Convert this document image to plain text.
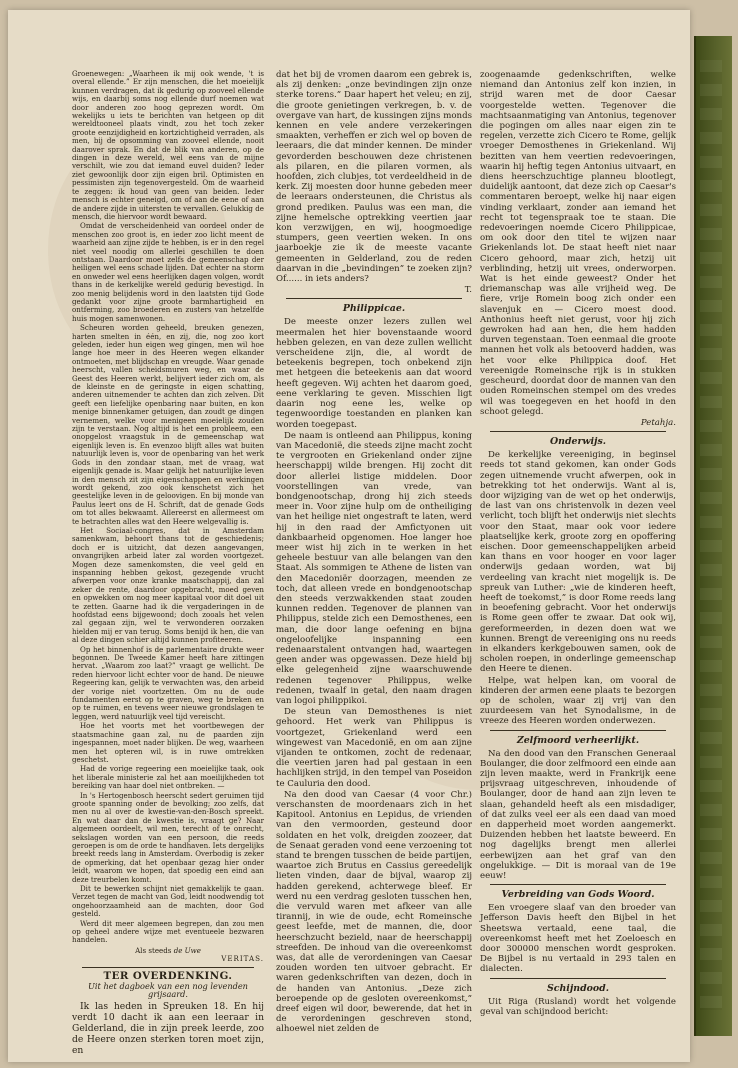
Groenewegen: „Waarheen ik mij ook wende, 't is overal ellende.” Er zijn menschen, die het moeielijk kunnen verdragen, dat ik gedurig op zooveel ellende wijs, en daarbij soms nog ellende durf noemen wat door anderen zoo hoog geprezen wordt. Om wekelijks u iets te berichten van hetgeen op dit wereldtooneel plaats vindt, zou het toch zeker groote eenzijdigheid en kortzichtigheid verraden, als men, bij de opsomming van zooveel ellende, nooit daarover sprak. En dat de blik van anderen, op de dingen in deze wereld, wel eens van de mijne verschilt, wie zou dat iemand euvel duiden? Ieder ziet gewoonlijk door zijn eigen bril. Optimisten en pessimisten zijn tegenovergesteld. Om de waarheid te zeggen: ik houd van geen van beiden. Ieder mensch is echter geneigd, om of aan de eene of aan de andere zijde in uitersten te vervallen. Gelukkig de mensch, die hiervoor wordt bewaard.

Omdat de verscheidenheid van oordeel onder de menschen zoo groot is, en ieder zoo licht meent de waarheid aan zijne zijde te hebben, is er in den regel niet veel noodig om allerlei geschillen te doen ontstaan. Daardoor moet zelfs de gemeenschap der heiligen wel eens schade lijden. Dat echter na storm en onweder wel eens heerlijken dagen volgen, wordt thans in de kerkelijke wereld gedurig bevestigd. In zoo menig belijdenis word in den laatsten tijd Gode gedankt voor zijne groote barmhartigheid en ontferming, zoo broederen en zusters van hetzelfde huis mogen samenwonen.

Scheuren worden geheeld, breuken genezen, harten smelten in één, en zij, die, nog zoo kort geleden, ieder hun eigen weg gingen, men wil hoe lange hoe meer in des Heeren wegen elkander ontmoeten, met blijdschap en vreugde. Waar genade heerscht, vallen scheidsmuren weg, en waar de Geest des Heeren werkt, belijvert ieder zich om, als de kleinste en de geringste in eigen schatting, anderen uitnemender te achten dan zich zelven. Dit geeft een liefelijke openbaring naar buiten, en kon menige binnenkamer getuigen, dan zoudt ge dingen vernemen, welke voor menigeen moeielijk zouden zijn te verstaan. Nog altijd is het een probleem, een onopgelost vraagstuk in de gemeenschap wat eigenlijk leven is. En evenzoo blijft alles wat buiten natuurlijk leven is, voor de openbaring van het werk Gods in den zondaar staan, met de vraag, wat eigenlijk genade is. Maar gelijk het natuurlijke leven in den mensch zit zijn eigenschappen en werkingen wordt gekend, zoo ook kenschetst zich het geestelijke leven in de geloovigen. En bij monde van Paulus leert ons de H. Schrift, dat de genade Gods om tot alles bekwaamt. Allereerst en allermeest om te betrachten alles wat den Heere welgevallig is.

Het Sociaal-congres, dat in Amsterdam samenkwam, behoort thans tot de geschiedenis; doch er is uitzicht, dat dezen aangevangen, onvangrijken arbeid later zal worden voortgezet. Mogen deze samenkomsten, die veel geld en inspanning hebben gekost, gezegende vrucht afwerpen voor onze kranke maatschappij, dan zal zeker de rente, daardoor opgebracht, moed geven en opwekken om nog meer kapitaal voor dit doel uit te zetten. Gaarne had ik die vergaderingen in de hoofdstad eens bijgewoond; doch zooals het velen zal gegaan zijn, wel te verwonderen oorzaken hielden mij er van terug. Soms benijd ik hen, die van al deze dingen schier altijd kunnen profiteeren.

Op het binnenhof is de parlementaire drukte weer begonnen. De Tweede Kamer heeft hare zittingen hervat. „Waarom zoo laat?” vraagt ge wellicht. De reden hiervoor licht echter voor de hand. De nieuwe Regeering kan, gelijk te verwachten was, den arbeid der vorige niet voortzetten. Om nu de oude fundamenten eerst op te graven, weg te breken en op te ruimen, en tevens weer nieuwe grondslagen te leggen, werd natuurlijk veel tijd vereischt.

Hoe het voorts met het voortbewegen der staatsmachine gaan zal, nu de paarden zijn ingespannen, moet nader blijken. De weg, waarheen men het opteren wil, is in ruwe omtrekken geschetst.

Had de vorige regeering een moeielijke taak, ook het liberale ministerie zal het aan moeilijkheden tot bereiking van haar doel niet ontbreken. —

In 's Hertogenbosch heerscht sedert geruimen tijd groote spanning onder de bevolking; zoo zelfs, dat men nu al over de kwestie-van-den-Bosch spreekt. En wat daar dan de kwestie is, vraagt ge? Naar algemeen oordeelt, wil men, terecht of te onrecht, sekslagen worden van een persoon, die reeds geroepen is om de orde te handhaven. Iets dergelijks breekt reeds lang in Amsterdam. Overbodig is zeker de opmerking, dat het openbaar gezag hier onder leidt, waarom we hopen, dat spoedig een eind aan deze treurbelen komt.

Dit te bewerken schijnt niet gemakkelijk te gaan. Verzet tegen de macht van God, leidt noodwendig tot ongehoorzaamheid aan de machten, door God gesteld.

Werd dit meer algemeen begrepen, dan zou men op geheel andere wijze met eventueele bezwaren handelen.

Als steeds de Uwe
VERITAS.
TER OVERDENKING.
Uit het dagboek van een nog levenden grijsaard.

Ik las heden in Spreuken 18. En hij verdt 10 dacht ik aan een leeraar in Gelderland, die in zijn preek leerde, zoo de Heere onzen sterken toren moet zijn, en

dat het bij de vromen daarom een gebrek is, als zij denken: „onze bevindingen zijn onze sterke torens.” Daar hapert het veleu; en zij, die groote genietingen verkregen, b. v. de overgave van hart, de kussingen zijns monds kennen en vele andere verzekeringen smaakten, verheffen er zich wel op boven de leeraars, die dat minder kennen. De minder gevorderden beschouwen deze christenen als pilaren, en die pilaren vormen, als hoofden, zich clubjes, tot verdeeldheid in de kerk. Zij moesten door hunne gebeden meer de leeraars ondersteunen, die Christus als grond prediken. Paulus was een man, die zijne hemelsche optrekking veertien jaar kon verzwijgen, en wij, hoogmoedige stumpers, geen veertien weken. In ons jaarboekje zie ik de meeste vacante gemeenten in Gelderland, zou de reden daarvan in die „bevindingen” te zoeken zijn? Of...... in iets anders?

T.

Philippicae.

De meeste onzer lezers zullen wel meermalen het hier bovenstaande woord hebben gelezen, en van deze zullen wellicht verscheidene zijn, die, al wordt de beteekenis begrepen, toch onbekend zijn met hetgeen die beteekenis aan dat woord heeft gegeven. Wij achten het daarom goed, eene verklaring te geven. Misschien ligt daarin nog eene les, welke op tegenwoordige toestanden en planken kan worden toegepast.

De naam is ontleend aan Philippus, koning van Macedonië, die steeds zijne macht zocht te vergrooten en Griekenland onder zijne heerschappij wilde brengen. Hij zocht dit door allerlei listige middelen. Door voorstellingen van vrede, van bondgenootschap, drong hij zich steeds meer in. Voor zijne hulp om de ontheiliging van het heilige niet ongestraft te laten, werd hij in den raad der Amfictyonen uit dankbaarheid opgenomen. Hoe langer hoe meer wist hij zich in te werken in het geheele bestuur van alle belangen van den Staat. Als sommigen te Athene de listen van den Macedoniër doorzagen, meenden ze toch, dat alleen vrede en bondgenootschap den steeds verzwakkenden staat zouden kunnen redden. Tegenover de plannen van Philippus, stelde zich een Demosthenes, een man, die door lange oefening en bijna ongeloofelijke inspanning een redenaarstalent ontvangen had, waartegen geen ander was opgewassen. Deze hield bij elke gelegenheid zijne waarschuwende redenen tegenover Philippus, welke redenen, twaalf in getal, den naam dragen van logoi philippikoi.

De steun van Demosthenes is niet gehoord. Het werk van Philippus is voortgezet, Griekenland werd een wingewest van Macedonië, en om aan zijne vijanden te ontkomen, zocht de redenaar, die veertien jaren had pal gestaan in een hachlijken strijd, in den tempel van Poseidon te Cauluria den dood.

Na den dood van Caesar (4 voor Chr.) verschansten de moordenaars zich in het Kapitool. Antonius en Lepidus, de vrienden van den vermoorden, gesteund door soldaten en het volk, dreigden zoozeer, dat de Senaat geraden vond eene verzoening tot stand te brengen tusschen de beide partijen, waartoe zich Brutus en Cassius gereedelijk lieten vinden, daar de bijval, waarop zij hadden gerekend, achterwege bleef. Er werd nu een verdrag gesloten tusschen hen, die vervuld waren met afkeer van alle tirannij, in wie de oude, echt Romeinsche geest leefde, met de mannen, die, door heerschzucht bezield, naar de heerschappij streefden. De inhoud van die overeenkomst was, dat alle de verordeningen van Caesar zouden worden ten uitvoer gebracht. Er waren gedenkschriften van dezen, doch in de handen van Antonius. „Deze zich beroepende op de gesloten overeenkomst,” dreef eigen wil door, bewerende, dat het in de verordeningen geschreven stond, alhoewel niet zelden de

zoogenaamde gedenkschriften, welke niemand dan Antonius zelf kon inzien, in strijd waren met de door Caesar voorgestelde wetten. Tegenover die machtsaanmatiging van Antonius, tegenover die pogingen om alles naar eigen zin te regelen, verzette zich Cicero te Rome, gelijk vroeger Demosthenes in Griekenland. Wij bezitten van hem veertien redevoeringen, waarin hij heftig tegen Antonius uitvaart, en diens heerschzuchtige planneu blootlegt, duidelijk aantoont, dat deze zich op Caesar's commentaren beroept, welke hij naar eigen vinding verklaart, zonder aan iemand het recht tot tegenspraak toe te staan. Die redevoeringen noemde Cicero Philippicae, om ook door den titel te wijzen naar Griekenlands lot. De staat heeft niet naar Cicero gehoord, maar zich, hetzij uit verblinding, hetzij uit vrees, onderworpen. Wat is het einde geweest? Onder het driemanschap was alle vrijheid weg. De fiere, vrije Romein boog zich onder een slavenjuk en — Cicero moest dood. Anthonius heeft niet gerust, voor hij zich gewroken had aan hen, die hem hadden durven tegenstaan. Toen eenmaal die groote mannen het volk als betooverd hadden, was het voor elke Philippica doof. Het vereenigde Romeinsche rijk is in stukken gescheurd, doordat door de mannen van den ouden Romeinschen stempel om des vredes wil was toegegeven en het hoofd in den schoot gelegd.

Petahja.

Onderwijs.

De kerkelijke vereeniging, in beginsel reeds tot stand gekomen, kan onder Gods zegen uitnemende vrucht afwerpen, ook in betrekking tot het onderwijs. Want al is, door wijziging van de wet op het onderwijs, de last van ons christenvolk in dezen veel verlicht, toch blijft het onderwijs niet slechts voor den Staat, maar ook voor iedere plaatselijke kerk, groote zorg en opoffering eischen. Door gemeenschappelijken arbeid kan thans en voor hooger en voor lager onderwijs gedaan worden, wat bij verdeeling van kracht niet mogelijk is. De spreuk van Luther: „wie de kinderen heeft, heeft de toekomst,” is door Rome reeds lang in beoefening gebracht. Voor het onderwijs is Rome geen offer te zwaar. Dat ook wij, gereformeerden, in dezen doen wat we kunnen. Brengt de vereeniging ons nu reeds in elkanders kerkgebouwen samen, ook de scholen roepen, in onderlinge gemeenschap den Heere te dienen.

Helpe, wat helpen kan, om vooral de kinderen der armen eene plaats te bezorgen op de scholen, waar zij vrij van den zuurdeesem van het Synodalisme, in de vreeze des Heeren worden onderwezen.

Zelfmoord verheerlijkt.

Na den dood van den Franschen Generaal Boulanger, die door zelfmoord een einde aan zijn leven maakte, werd in Frankrijk eene prijsvraag uitgeschreven, inhoudende of Boulanger, door de hand aan zijn leven te slaan, gehandeld heeft als een misdadiger, of dat zulks veel eer als een daad van moed en dapperheid moet worden aangemerkt. Duizenden hebben het laatste beweerd. En nog dagelijks brengt men allerlei eerbewijzen aan het graf van den ongelukkige. — Dit is moraal van de 19e eeuw!

Verbreiding van Gods Woord.

Een vroegere slaaf van den broeder van Jefferson Davis heeft den Bijbel in het Sheetswa vertaald, eene taal, die overeenkomst heeft met het Zoeloesch en door 300000 menschen wordt gesproken. De Bijbel is nu vertaald in 293 talen en dialecten.

Schijndood.

Uit Riga (Rusland) wordt het volgende geval van schijndood bericht:
